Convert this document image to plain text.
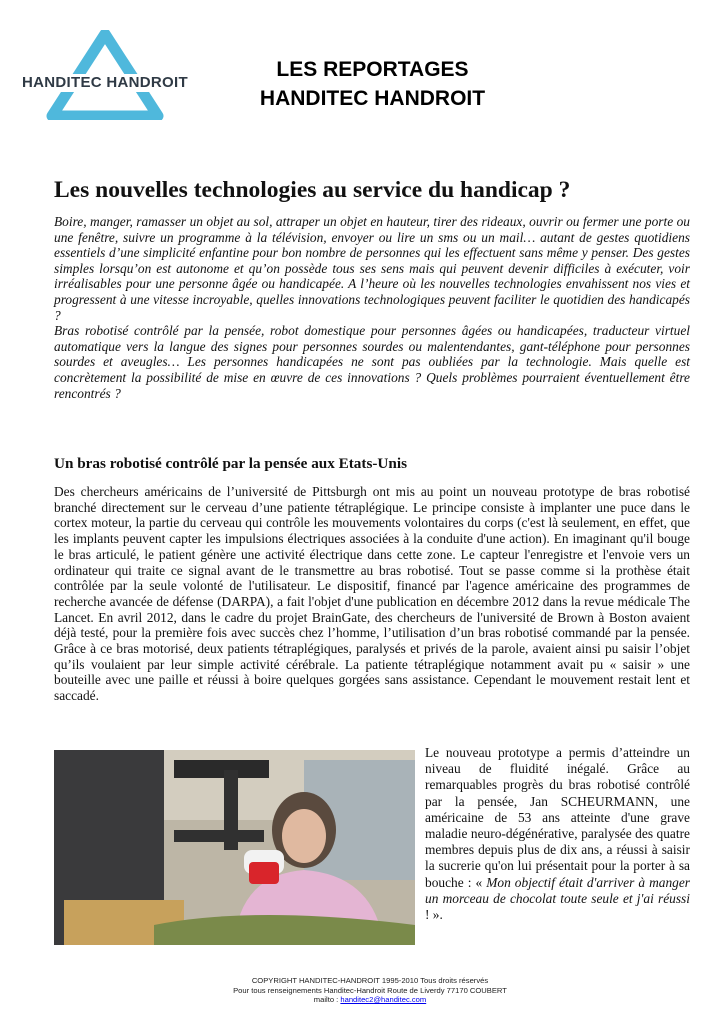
HANDITEC HANDROIT
LES REPORTAGES
HANDITEC HANDROIT
Les nouvelles technologies au service du handicap ?

Boire, manger, ramasser un objet au sol, attraper un objet en hauteur, tirer des rideaux, ouvrir ou fermer une porte ou une fenêtre, suivre un programme à la télévision, envoyer ou lire un sms ou un mail… autant de gestes quotidiens essentiels d’une simplicité enfantine pour bon nombre de personnes qui les effectuent sans même y penser. Des gestes simples lorsqu’on est autonome et qu’on possède tous ses sens mais qui peuvent devenir difficiles à exécuter, voir irréalisables pour une personne âgée ou handicapée. A l’heure où les nouvelles technologies envahissent nos vies et progressent à une vitesse incroyable, quelles innovations technologiques peuvent faciliter le quotidien des handicapés ?

Bras robotisé contrôlé par la pensée, robot domestique pour personnes âgées ou handicapées, traducteur virtuel automatique vers la langue des signes pour personnes sourdes ou malentendantes, gant-téléphone pour personnes sourdes et aveugles… Les personnes handicapées ne sont pas oubliées par la technologie. Mais quelle est concrètement la possibilité de mise en œuvre de ces innovations ? Quels problèmes pourraient éventuellement être rencontrés ?

Un bras robotisé contrôlé par la pensée aux Etats-Unis

Des chercheurs américains de l’université de Pittsburgh ont mis au point un nouveau prototype de bras robotisé branché directement sur le cerveau d’une patiente tétraplégique. Le principe consiste à implanter une puce dans le cortex moteur, la partie du cerveau qui contrôle les mouvements volontaires du corps (c'est là seulement, en effet, que les implants peuvent capter les impulsions électriques associées à la conduite d'une action). En imaginant qu'il bouge le bras articulé, le patient génère une activité électrique dans cette zone. Le capteur l'enregistre et l'envoie vers un ordinateur qui traite ce signal avant de le transmettre au bras robotisé. Tout se passe comme si la prothèse était contrôlée par la seule volonté de l'utilisateur. Le dispositif, financé par l'agence américaine des programmes de recherche avancée de défense (DARPA), a fait l'objet d'une publication en décembre 2012 dans la revue médicale The Lancet. En avril 2012, dans le cadre du projet BrainGate, des chercheurs de l'université de Brown à Boston avaient déjà testé, pour la première fois avec succès chez l’homme, l’utilisation d’un bras robotisé commandé par la pensée. Grâce à ce bras motorisé, deux patients tétraplégiques, paralysés et privés de la parole, avaient ainsi pu saisir l’objet qu’ils voulaient par leur simple activité cérébrale. La patiente tétraplégique notamment avait pu « saisir » une bouteille avec une paille et réussi à boire quelques gorgées sans assistance. Cependant le mouvement restait lent et saccadé.

Le nouveau prototype a permis d’atteindre un niveau de fluidité inégalé. Grâce au remarquables progrès du bras robotisé contrôlé par la pensée, Jan SCHEURMANN, une américaine de 53 ans atteinte d'une grave maladie neuro-dégénérative, paralysée des quatre membres depuis plus de dix ans, a réussi à saisir la sucrerie qu'on lui présentait pour la porter à sa bouche : « Mon objectif était d'arriver à manger un morceau de chocolat toute seule et j'ai réussi ! ».

COPYRIGHT HANDITEC-HANDROIT 1995-2010 Tous droits réservés
Pour tous renseignements Handitec-Handroit Route de Liverdy 77170 COUBERT
mailto : handitec2@handitec.com
